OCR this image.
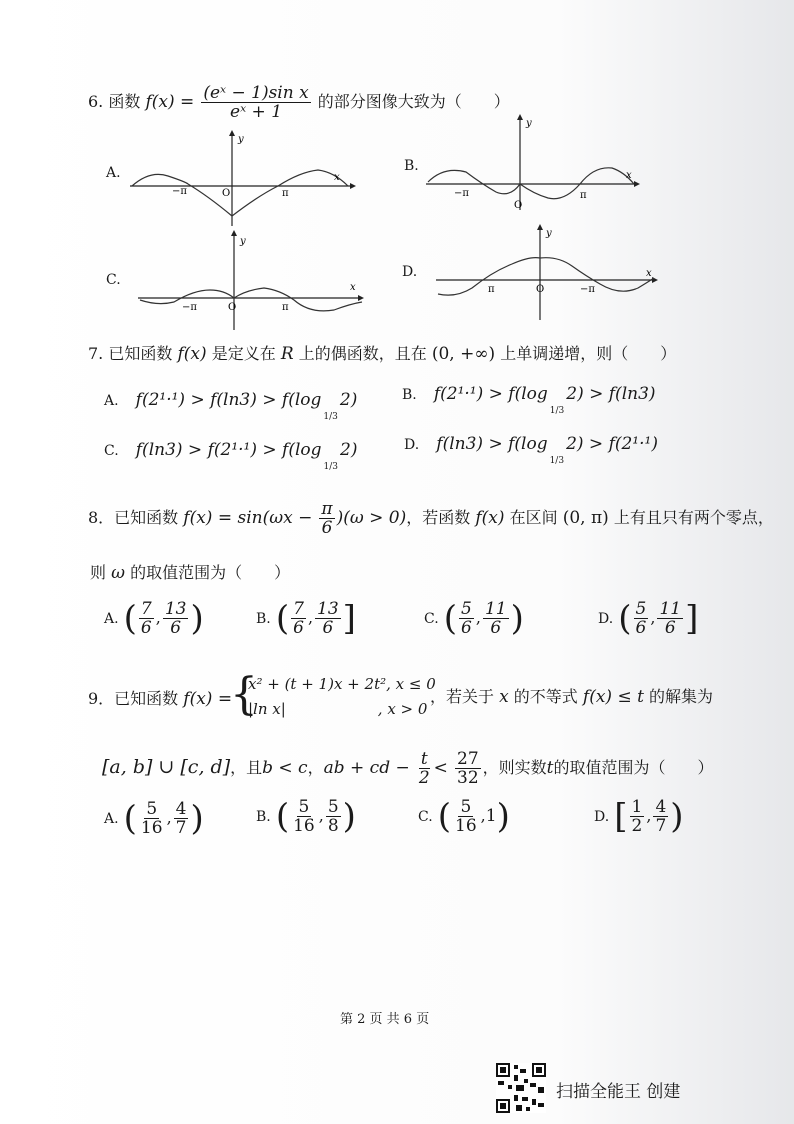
6. 函数 $f(x) = \frac{\text{(eˣ − 1)sin x}}{\text{eˣ + 1}}$ 的部分图像大致为（　　）
A.
−π	π
O
x
y
B.
−π	π
O
x
y
C.
−π	π
O
x
y
D.
π	−π
O
x
y
7. 已知函数 f(x) 是定义在 R 上的偶函数，且在 (0, +∞) 上单调递增，则（　　）
A. f(2¹·¹) > f(ln3) > f(log
1/3
2)	B. f(2¹·¹) > f(log
1/3
2) > f(ln3)
C. f(ln3) > f(2¹·¹) > f(log
1/3
2)	D. f(ln3) > f(log
1/3
2) > f(2¹·¹)
8．已知函数 $f(x) = \sin(\omega x - \frac{\pi}{6} )(\omega > 0)$，若函数 f(x) 在区间 (0, π) 上有且只有两个零点，
则 ω 的取值范围为（　　）
A. ( $\frac{7}{6}$ , $\frac{13}{6}$ )	B. ( $\frac{7}{6}$ , $\frac{13}{6}$ ]	C. ( $\frac{5}{6}$ , $\frac{11}{6}$ )	D. ( $\frac{5}{6}$ , $\frac{11}{6}$ ]
9．已知函数 f(x) =
{
x² + (t + 1)x + 2t², x ≤ 0
|ln x|	, x > 0
，若关于 x 的不等式 f(x) ≤ t 的解集为
[a, b] ∪ [c, d]，且b < c，ab + cd − $\frac{t}{2} < \frac{27}{32}$ ，则实数t的取值范围为（　　）
A. ( $\frac{5}{16}$ , $\frac{4}{7}$ )	B. ( $\frac{5}{16}$ , $\frac{5}{8}$ )	C. ( $\frac{5}{16} ,1$)	D. [ $\frac{1}{2}$ , $\frac{4}{7}$ )
第 2 页 共 6 页
扫描全能王 创建
